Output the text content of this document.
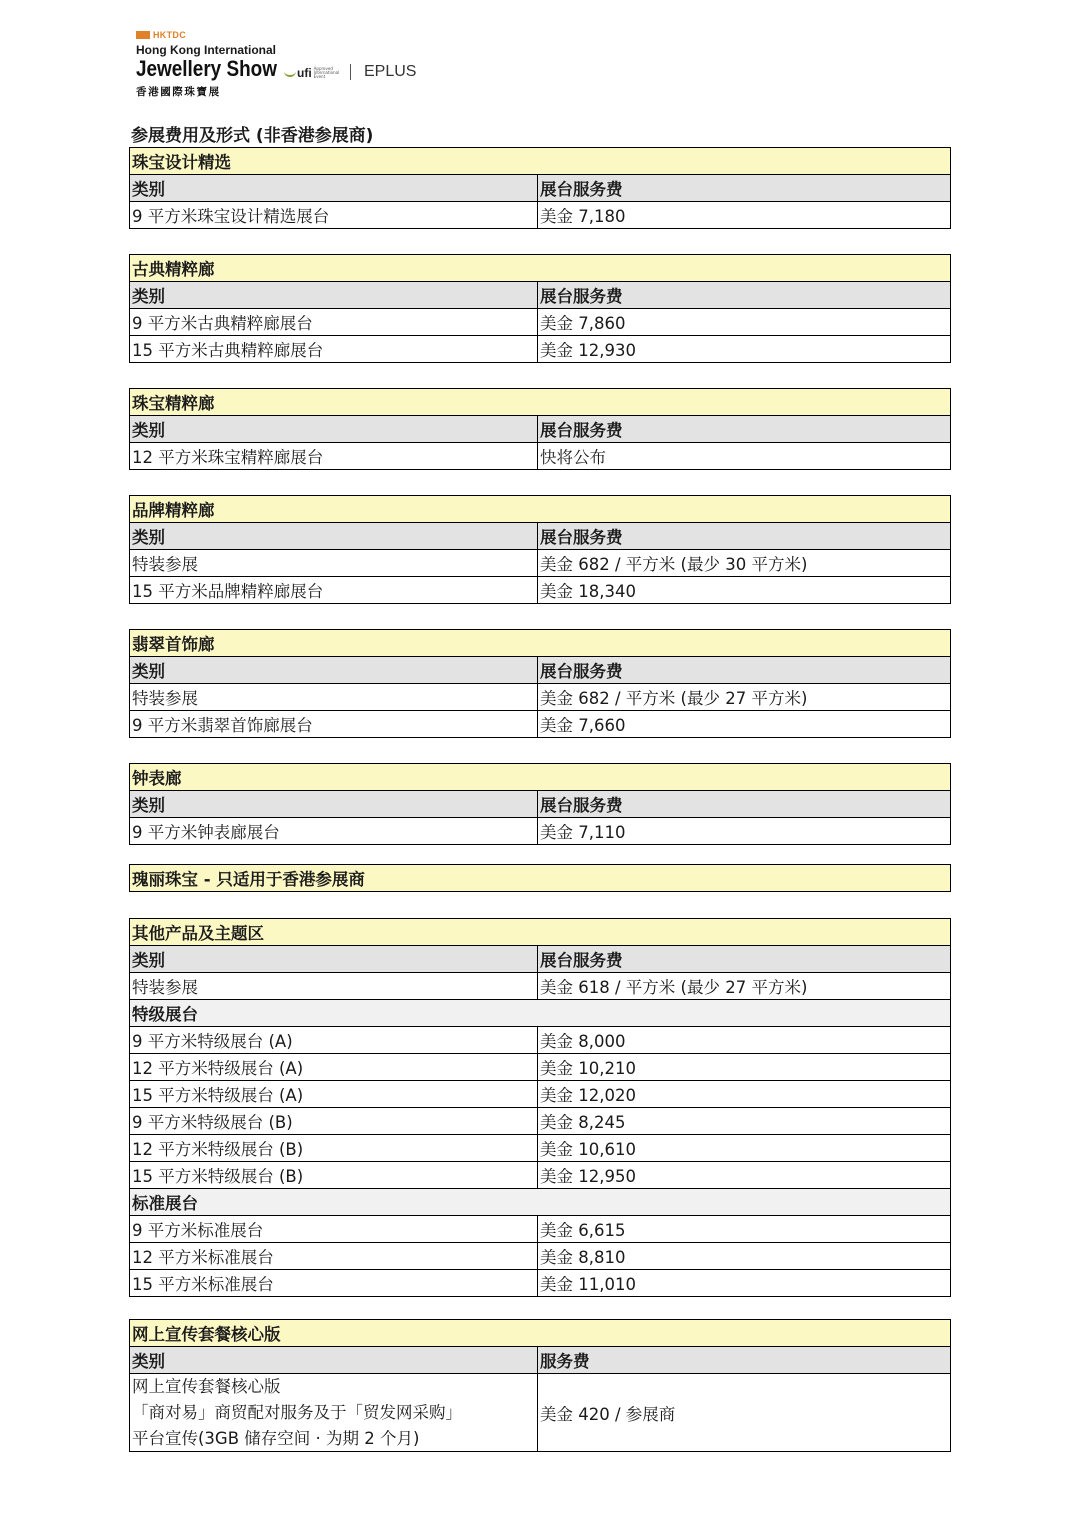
HKTDC
Hong Kong International
Jewellery Show
香港國際珠寶展
ufi Approved International Event	EPLUS
参展费用及形式 (非香港参展商)
珠宝设计精选
类别	展台服务费
9 平方米珠宝设计精选展台	美金 7,180
古典精粹廊
类别	展台服务费
9 平方米古典精粹廊展台	美金 7,860
15 平方米古典精粹廊展台	美金 12,930
珠宝精粹廊
类别	展台服务费
12 平方米珠宝精粹廊展台	快将公布
品牌精粹廊
类别	展台服务费
特装参展	美金 682 / 平方米 (最少 30 平方米)
15 平方米品牌精粹廊展台	美金 18,340
翡翠首饰廊
类别	展台服务费
特装参展	美金 682 / 平方米 (最少 27 平方米)
9 平方米翡翠首饰廊展台	美金 7,660
钟表廊
类别	展台服务费
9 平方米钟表廊展台	美金 7,110
瑰丽珠宝 - 只适用于香港参展商
其他产品及主题区
类别	展台服务费
特装参展	美金 618 / 平方米 (最少 27 平方米)
特级展台
9 平方米特级展台 (A)	美金 8,000
12 平方米特级展台 (A)	美金 10,210
15 平方米特级展台 (A)	美金 12,020
9 平方米特级展台 (B)	美金 8,245
12 平方米特级展台 (B)	美金 10,610
15 平方米特级展台 (B)	美金 12,950
标准展台
9 平方米标准展台	美金 6,615
12 平方米标准展台	美金 8,810
15 平方米标准展台	美金 11,010
网上宣传套餐核心版
类别	服务费
网上宣传套餐核心版
「商对易」商贸配对服务及于「贸发网采购」
平台宣传(3GB 储存空间 · 为期 2 个月)
美金 420 / 参展商
